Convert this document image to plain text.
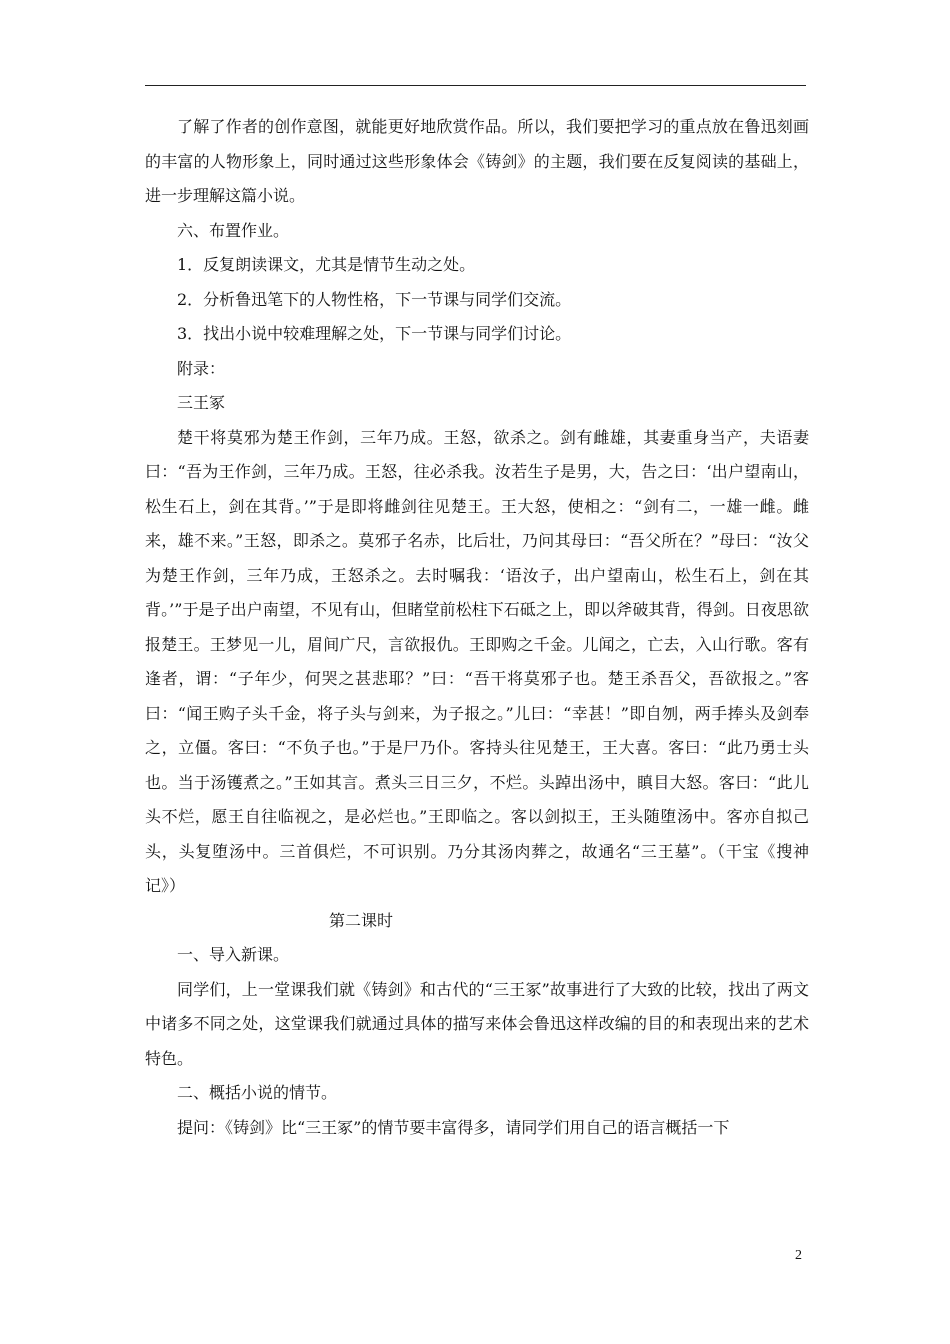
了解了作者的创作意图，就能更好地欣赏作品。所以，我们要把学习的重点放在鲁迅刻画的丰富的人物形象上，同时通过这些形象体会《铸剑》的主题，我们要在反复阅读的基础上，进一步理解这篇小说。

六、布置作业。

1．反复朗读课文，尤其是情节生动之处。

2．分析鲁迅笔下的人物性格，下一节课与同学们交流。

3．找出小说中较难理解之处，下一节课与同学们讨论。

附录：

三王冢

楚干将莫邪为楚王作剑，三年乃成。王怒，欲杀之。剑有雌雄，其妻重身当产，夫语妻曰：“吾为王作剑，三年乃成。王怒，往必杀我。汝若生子是男，大，告之曰：‘出户望南山，松生石上，剑在其背。’”于是即将雌剑往见楚王。王大怒，使相之：“剑有二，一雄一雌。雌来，雄不来。”王怒，即杀之。莫邪子名赤，比后壮，乃问其母曰：“吾父所在？”母曰：“汝父为楚王作剑，三年乃成，王怒杀之。去时嘱我：‘语汝子，出户望南山，松生石上，剑在其背。’”于是子出户南望，不见有山，但睹堂前松柱下石砥之上，即以斧破其背，得剑。日夜思欲报楚王。王梦见一儿，眉间广尺，言欲报仇。王即购之千金。儿闻之，亡去，入山行歌。客有逢者，谓：“子年少，何哭之甚悲耶？”曰：“吾干将莫邪子也。楚王杀吾父，吾欲报之。”客曰：“闻王购子头千金，将子头与剑来，为子报之。”儿曰：“幸甚！”即自刎，两手捧头及剑奉之，立僵。客曰：“不负子也。”于是尸乃仆。客持头往见楚王，王大喜。客曰：“此乃勇士头也。当于汤镬煮之。”王如其言。煮头三日三夕，不烂。头踔出汤中，瞋目大怒。客曰：“此儿头不烂，愿王自往临视之，是必烂也。”王即临之。客以剑拟王，王头随堕汤中。客亦自拟己头，头复堕汤中。三首俱烂，不可识别。乃分其汤肉葬之，故通名“三王墓”。（干宝《搜神记》）

第二课时

一、导入新课。

同学们，上一堂课我们就《铸剑》和古代的“三王冢”故事进行了大致的比较，找出了两文中诸多不同之处，这堂课我们就通过具体的描写来体会鲁迅这样改编的目的和表现出来的艺术特色。

二、概括小说的情节。

提问：《铸剑》比“三王冢”的情节要丰富得多，请同学们用自己的语言概括一下

2
